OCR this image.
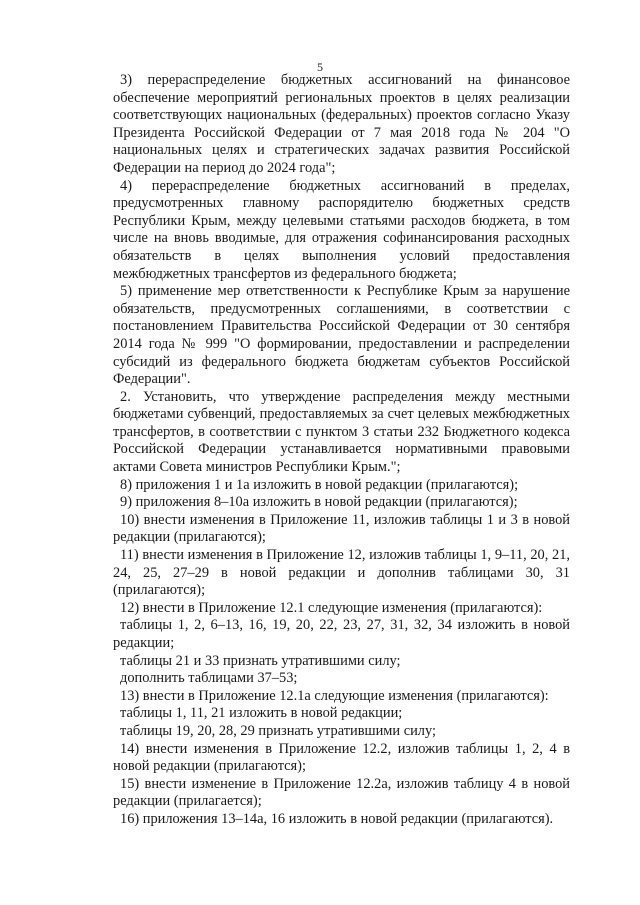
5

3) перераспределение бюджетных ассигнований на финансовое обеспечение мероприятий региональных проектов в целях реализации соответствующих национальных (федеральных) проектов согласно Указу Президента Российской Федерации от 7 мая 2018 года № 204 "О национальных целях и стратегических задачах развития Российской Федерации на период до 2024 года";

4) перераспределение бюджетных ассигнований в пределах, предусмотренных главному распорядителю бюджетных средств Республики Крым, между целевыми статьями расходов бюджета, в том числе на вновь вводимые, для отражения софинансирования расходных обязательств в целях выполнения условий предоставления межбюджетных трансфертов из федерального бюджета;

5) применение мер ответственности к Республике Крым за нарушение обязательств, предусмотренных соглашениями, в соответствии с постановлением Правительства Российской Федерации от 30 сентября 2014 года № 999 "О формировании, предоставлении и распределении субсидий из федерального бюджета бюджетам субъектов Российской Федерации".

2. Установить, что утверждение распределения между местными бюджетами субвенций, предоставляемых за счет целевых межбюджетных трансфертов, в соответствии с пунктом 3 статьи 232 Бюджетного кодекса Российской Федерации устанавливается нормативными правовыми актами Совета министров Республики Крым.";

8) приложения 1 и 1а изложить в новой редакции (прилагаются);

9) приложения 8–10а изложить в новой редакции (прилагаются);

10) внести изменения в Приложение 11, изложив таблицы 1 и 3 в новой редакции (прилагаются);

11) внести изменения в Приложение 12, изложив таблицы 1, 9–11, 20, 21, 24, 25, 27–29 в новой редакции и дополнив таблицами 30, 31 (прилагаются);

12) внести в Приложение 12.1 следующие изменения (прилагаются):

таблицы 1, 2, 6–13, 16, 19, 20, 22, 23, 27, 31, 32, 34 изложить в новой редакции;

таблицы 21 и 33 признать утратившими силу;

дополнить таблицами 37–53;

13) внести в Приложение 12.1а следующие изменения (прилагаются):

таблицы 1, 11, 21 изложить в новой редакции;

таблицы 19, 20, 28, 29 признать утратившими силу;

14) внести изменения в Приложение 12.2, изложив таблицы 1, 2, 4 в новой редакции (прилагаются);

15) внести изменение в Приложение 12.2а, изложив таблицу 4 в новой редакции (прилагается);

16) приложения 13–14а, 16 изложить в новой редакции (прилагаются).
